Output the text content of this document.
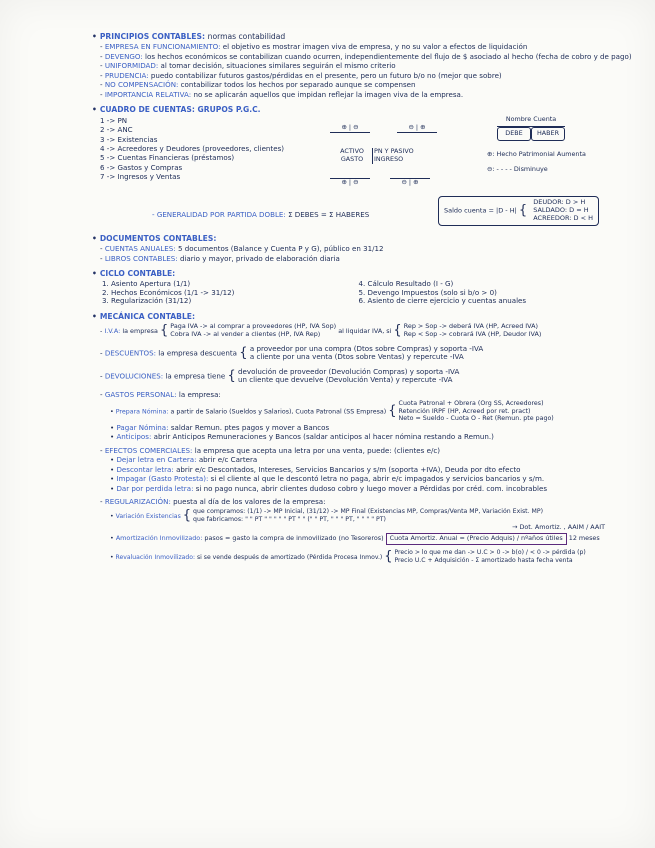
• PRINCIPIOS CONTABLES: normas contabilidad
- EMPRESA EN FUNCIONAMIENTO: el objetivo es mostrar imagen viva de empresa, y no su valor a efectos de liquidación
- DEVENGO: los hechos económicos se contabilizan cuando ocurren, independientemente del flujo de $ asociado al hecho (fecha de cobro y de pago)
- UNIFORMIDAD: al tomar decisión, situaciones similares seguirán el mismo criterio
- PRUDENCIA: puedo contabilizar futuros gastos/pérdidas en el presente, pero un futuro b/o no (mejor que sobre)
- NO COMPENSACIÓN: contabilizar todos los hechos por separado aunque se compensen
- IMPORTANCIA RELATIVA: no se aplicarán aquellos que impidan reflejar la imagen viva de la empresa.
• CUADRO DE CUENTAS: GRUPOS P.G.C.
1 -> PN
2 -> ANC
3 -> Existencias
4 -> Acreedores y Deudores (proveedores, clientes)
5 -> Cuentas Financieras (préstamos)
6 -> Gastos y Compras
7 -> Ingresos y Ventas
⊕ | ⊖	⊖ | ⊕
ACTIVO
GASTO
PN Y PASIVO
INGRESO
⊕ | ⊖	⊖ | ⊕
Nombre Cuenta
DEBE	HABER
⊕: Hecho Patrimonial Aumenta
⊖: - - - - Disminuye
- GENERALIDAD POR PARTIDA DOBLE: Σ DEBES = Σ HABERES	Saldo cuenta = |D - H| {
DEUDOR: D > H
SALDADO: D = H
ACREEDOR: D < H
• DOCUMENTOS CONTABLES:
- CUENTAS ANUALES: 5 documentos (Balance y Cuenta P y G), público en 31/12
- LIBROS CONTABLES: diario y mayor, privado de elaboración diaria
• CICLO CONTABLE:
1. Asiento Apertura (1/1)
2. Hechos Económicos (1/1 -> 31/12)
3. Regularización (31/12)
4. Cálculo Resultado (I - G)
5. Devengo Impuestos (solo si b/o > 0)
6. Asiento de cierre ejercicio y cuentas anuales
• MECÁNICA CONTABLE:
- I.V.A: la empresa { Paga IVA -> al comprar a proveedores (HP, IVA Sop)
Cobra IVA -> al vender a clientes (HP, IVA Rep)	al liquidar IVA, si { Rep > Sop -> deberá IVA (HP, Acreed IVA)
Rep < Sop -> cobrará IVA (HP, Deudor IVA)
- DESCUENTOS: la empresa descuenta { a proveedor por una compra (Dtos sobre Compras) y soporta -IVA
a cliente por una venta (Dtos sobre Ventas) y repercute -IVA
- DEVOLUCIONES: la empresa tiene { devolución de proveedor (Devolución Compras) y soporta -IVA
un cliente que devuelve (Devolución Venta) y repercute -IVA
- GASTOS PERSONAL: la empresa:
• Prepara Nómina: a partir de Salario (Sueldos y Salarios), Cuota Patronal (SS Empresa) {
Cuota Patronal + Obrera (Org SS, Acreedores)
Retención IRPF (HP, Acreed por ret. pract)
Neto = Sueldo - Cuota O - Ret (Remun. pte pago)
• Pagar Nómina: saldar Remun. ptes pagos y mover a Bancos
• Anticipos: abrir Anticipos Remuneraciones y Bancos (saldar anticipos al hacer nómina restando a Remun.)
- EFECTOS COMERCIALES: la empresa que acepta una letra por una venta, puede: (clientes e/c)
• Dejar letra en Cartera: abrir e/c Cartera
• Descontar letra: abrir e/c Descontados, Intereses, Servicios Bancarios y s/m (soporta +IVA), Deuda por dto efecto
• Impagar (Gasto Protesta): si el cliente al que le descontó letra no paga, abrir e/c impagados y servicios bancarios y s/m.
• Dar por perdida letra: si no pago nunca, abrir clientes dudoso cobro y luego mover a Pérdidas por créd. com. incobrables
- REGULARIZACIÓN: puesta al día de los valores de la empresa:
• Variación Existencias { que compramos: (1/1) -> MP Inicial, (31/12) -> MP Final (Existencias MP, Compras/Venta MP, Variación Exist. MP)
que fabricamos: " " PT " " " " " PT " " (" " PT, " " " PT, " " " " PT)
→ Dot. Amortiz. , AAIM / AAIT
• Amortización Inmovilizado: pasos = gasto la compra de inmovilizado (no Tesoreros) Cuota Amortiz. Anual = (Precio Adquis) / nºaños útiles 12 meses
• Revaluación Inmovilizado: si se vende después de amortizado (Pérdida Procesa Inmov.) { Precio > lo que me dan -> U.C > 0 -> b(o) / < 0 -> pérdida (p)
Precio U.C + Adquisición - Σ amortizado hasta fecha venta
